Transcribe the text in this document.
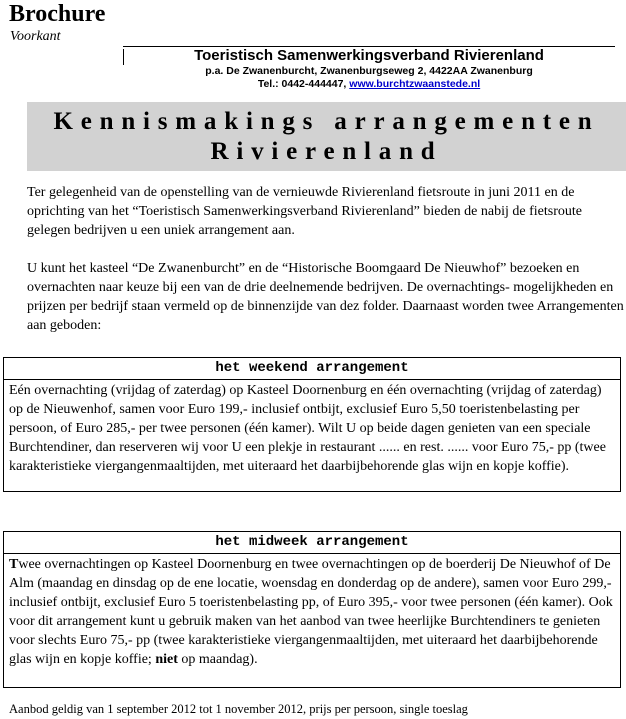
Brochure
Voorkant
Toeristisch Samenwerkingsverband Rivierenland
p.a. De Zwanenburcht, Zwanenburgseweg 2, 4422AA Zwanenburg
Tel.: 0442-444447, www.burchtzwaanstede.nl
Kennismakings arrangementen
Rivierenland
Ter gelegenheid van de openstelling van de vernieuwde Rivierenland fietsroute in juni 2011 en de oprichting van het “Toeristisch Samenwerkingsverband Rivierenland” bieden de nabij de fietsroute gelegen bedrijven u een uniek arrangement aan.
U kunt het kasteel “De Zwanenburcht” en de “Historische Boomgaard De Nieuwhof” bezoeken en overnachten naar keuze bij een van de drie deelnemende bedrijven. De overnachtings- mogelijkheden en prijzen per bedrijf staan vermeld op de binnenzijde van dez folder. Daarnaast worden twee Arrangementen aan geboden:
het weekend arrangement
Eén overnachting (vrijdag of zaterdag) op Kasteel Doornenburg en één overnachting (vrijdag of zaterdag) op de Nieuwenhof, samen voor Euro 199,- inclusief ontbijt, exclusief Euro 5,50 toeristenbelasting per persoon, of Euro 285,- per twee personen (één kamer). Wilt U op beide dagen genieten van een speciale Burchtendiner, dan reserveren wij voor U een plekje in restaurant ...... en rest. ...... voor Euro 75,- pp (twee karakteristieke viergangenmaaltijden, met uiteraard het daarbijbehorende glas wijn en kopje koffie).
het midweek arrangement
Twee overnachtingen op Kasteel Doornenburg en twee overnachtingen op de boerderij De Nieuwhof of De Alm (maandag en dinsdag op de ene locatie, woensdag en donderdag op de andere), samen voor Euro 299,- inclusief ontbijt, exclusief Euro 5 toeristenbelasting pp, of Euro 395,- voor twee personen (één kamer). Ook voor dit arrangement kunt u gebruik maken van het aanbod van twee heerlijke Burchtendiners te genieten voor slechts Euro 75,- pp (twee karakteristieke viergangenmaaltijden, met uiteraard het daarbijbehorende glas wijn en kopje koffie; niet op maandag).
Aanbod geldig van 1 september 2012 tot 1 november 2012, prijs per persoon, single toeslag
